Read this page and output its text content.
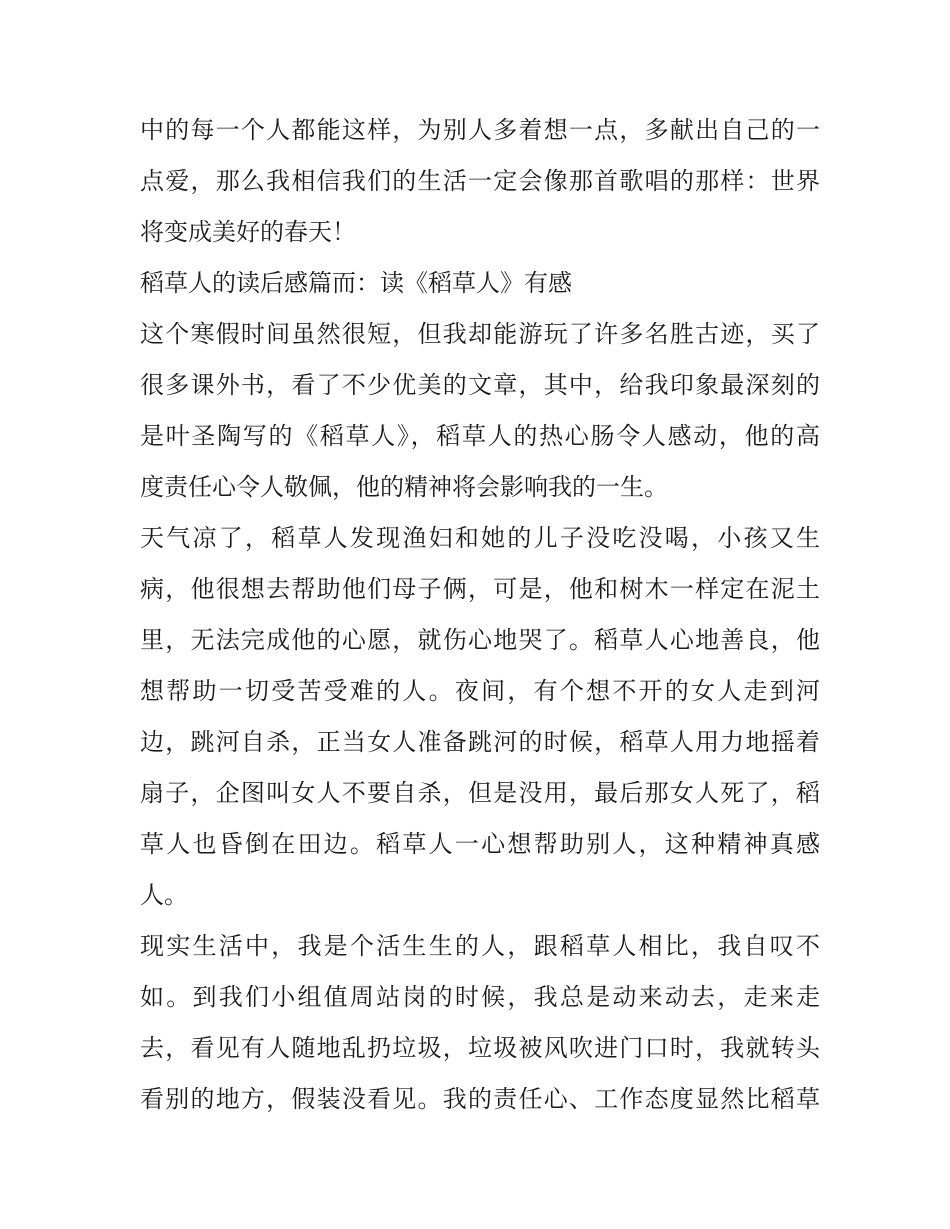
中的每一个人都能这样，为别人多着想一点，多献出自己的一
点爱，那么我相信我们的生活一定会像那首歌唱的那样：世界
将变成美好的春天！
稻草人的读后感篇而：读《稻草人》有感
这个寒假时间虽然很短，但我却能游玩了许多名胜古迹，买了
很多课外书，看了不少优美的文章，其中，给我印象最深刻的
是叶圣陶写的《稻草人》，稻草人的热心肠令人感动，他的高
度责任心令人敬佩，他的精神将会影响我的一生。
天气凉了，稻草人发现渔妇和她的儿子没吃没喝，小孩又生
病，他很想去帮助他们母子俩，可是，他和树木一样定在泥土
里，无法完成他的心愿，就伤心地哭了。稻草人心地善良，他
想帮助一切受苦受难的人。夜间，有个想不开的女人走到河
边，跳河自杀，正当女人准备跳河的时候，稻草人用力地摇着
扇子，企图叫女人不要自杀，但是没用，最后那女人死了，稻
草人也昏倒在田边。稻草人一心想帮助别人，这种精神真感
人。
现实生活中，我是个活生生的人，跟稻草人相比，我自叹不
如。到我们小组值周站岗的时候，我总是动来动去，走来走
去，看见有人随地乱扔垃圾，垃圾被风吹进门口时，我就转头
看别的地方，假装没看见。我的责任心、工作态度显然比稻草
